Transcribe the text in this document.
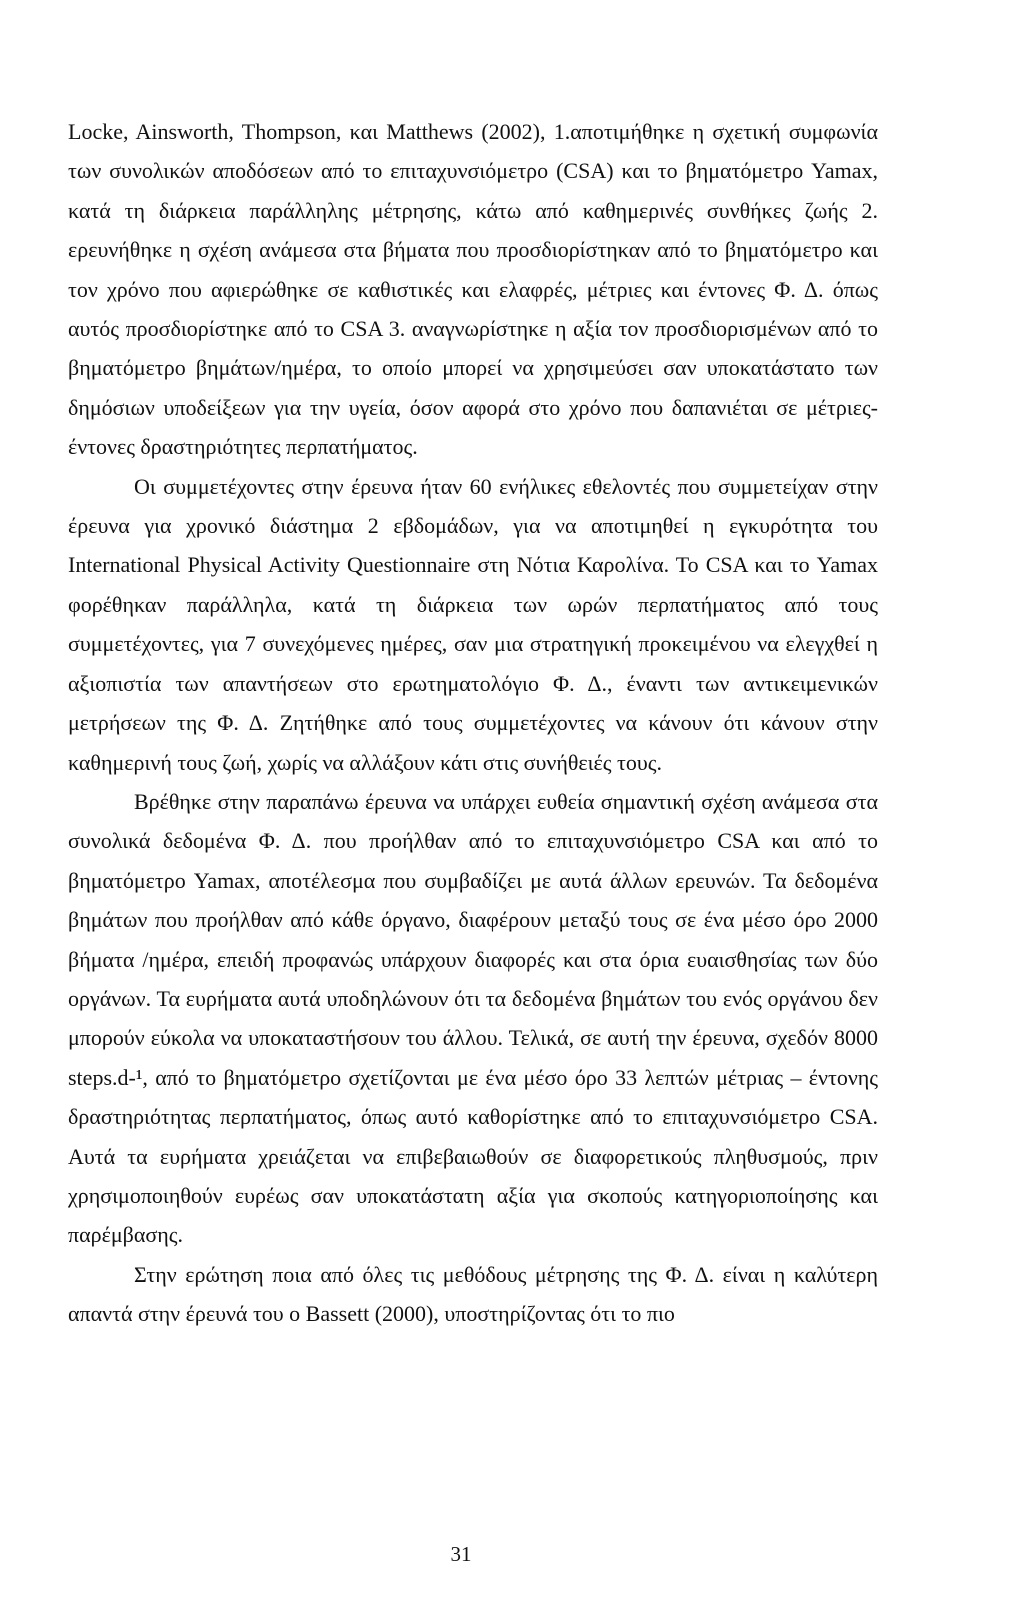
Locke, Ainsworth, Thompson, και Matthews (2002), 1.αποτιμήθηκε η σχετική συμφωνία των συνολικών αποδόσεων από το επιταχυνσιόμετρο (CSA) και το βηματόμετρο Yamax, κατά τη διάρκεια παράλληλης μέτρησης, κάτω από καθημερινές συνθήκες ζωής 2. ερευνήθηκε η σχέση ανάμεσα στα βήματα που προσδιορίστηκαν από το βηματόμετρο και τον χρόνο που αφιερώθηκε σε καθιστικές και ελαφρές, μέτριες και έντονες Φ. Δ. όπως αυτός προσδιορίστηκε από το CSA 3. αναγνωρίστηκε η αξία τον προσδιορισμένων από το βηματόμετρο βημάτων/ημέρα, το οποίο μπορεί να χρησιμεύσει σαν υποκατάστατο των δημόσιων υποδείξεων για την υγεία, όσον αφορά στο χρόνο που δαπανιέται σε μέτριες-έντονες δραστηριότητες περπατήματος.

Οι συμμετέχοντες στην έρευνα ήταν 60 ενήλικες εθελοντές που συμμετείχαν στην έρευνα για χρονικό διάστημα 2 εβδομάδων, για να αποτιμηθεί η εγκυρότητα του International Physical Activity Questionnaire στη Νότια Καρολίνα. Το CSA και το Yamax φορέθηκαν παράλληλα, κατά τη διάρκεια των ωρών περπατήματος από τους συμμετέχοντες, για 7 συνεχόμενες ημέρες, σαν μια στρατηγική προκειμένου να ελεγχθεί η αξιοπιστία των απαντήσεων στο ερωτηματολόγιο Φ. Δ., έναντι των αντικειμενικών μετρήσεων της Φ. Δ. Ζητήθηκε από τους συμμετέχοντες να κάνουν ότι κάνουν στην καθημερινή τους ζωή, χωρίς να αλλάξουν κάτι στις συνήθειές τους.

Βρέθηκε στην παραπάνω έρευνα να υπάρχει ευθεία σημαντική σχέση ανάμεσα στα συνολικά δεδομένα Φ. Δ. που προήλθαν από το επιταχυνσιόμετρο CSA και από το βηματόμετρο Yamax, αποτέλεσμα που συμβαδίζει με αυτά άλλων ερευνών. Τα δεδομένα βημάτων που προήλθαν από κάθε όργανο, διαφέρουν μεταξύ τους σε ένα μέσο όρο 2000 βήματα /ημέρα, επειδή προφανώς υπάρχουν διαφορές και στα όρια ευαισθησίας των δύο οργάνων. Τα ευρήματα αυτά υποδηλώνουν ότι τα δεδομένα βημάτων του ενός οργάνου δεν μπορούν εύκολα να υποκαταστήσουν του άλλου. Τελικά, σε αυτή την έρευνα, σχεδόν 8000 steps.d-¹, από το βηματόμετρο σχετίζονται με ένα μέσο όρο 33 λεπτών μέτριας – έντονης δραστηριότητας περπατήματος, όπως αυτό καθορίστηκε από το επιταχυνσιόμετρο CSA. Αυτά τα ευρήματα χρειάζεται να επιβεβαιωθούν σε διαφορετικούς πληθυσμούς, πριν χρησιμοποιηθούν ευρέως σαν υποκατάστατη αξία για σκοπούς κατηγοριοποίησης και παρέμβασης.

Στην ερώτηση ποια από όλες τις μεθόδους μέτρησης της Φ. Δ. είναι η καλύτερη απαντά στην έρευνά του ο Bassett (2000), υποστηρίζοντας ότι το πιο

31
